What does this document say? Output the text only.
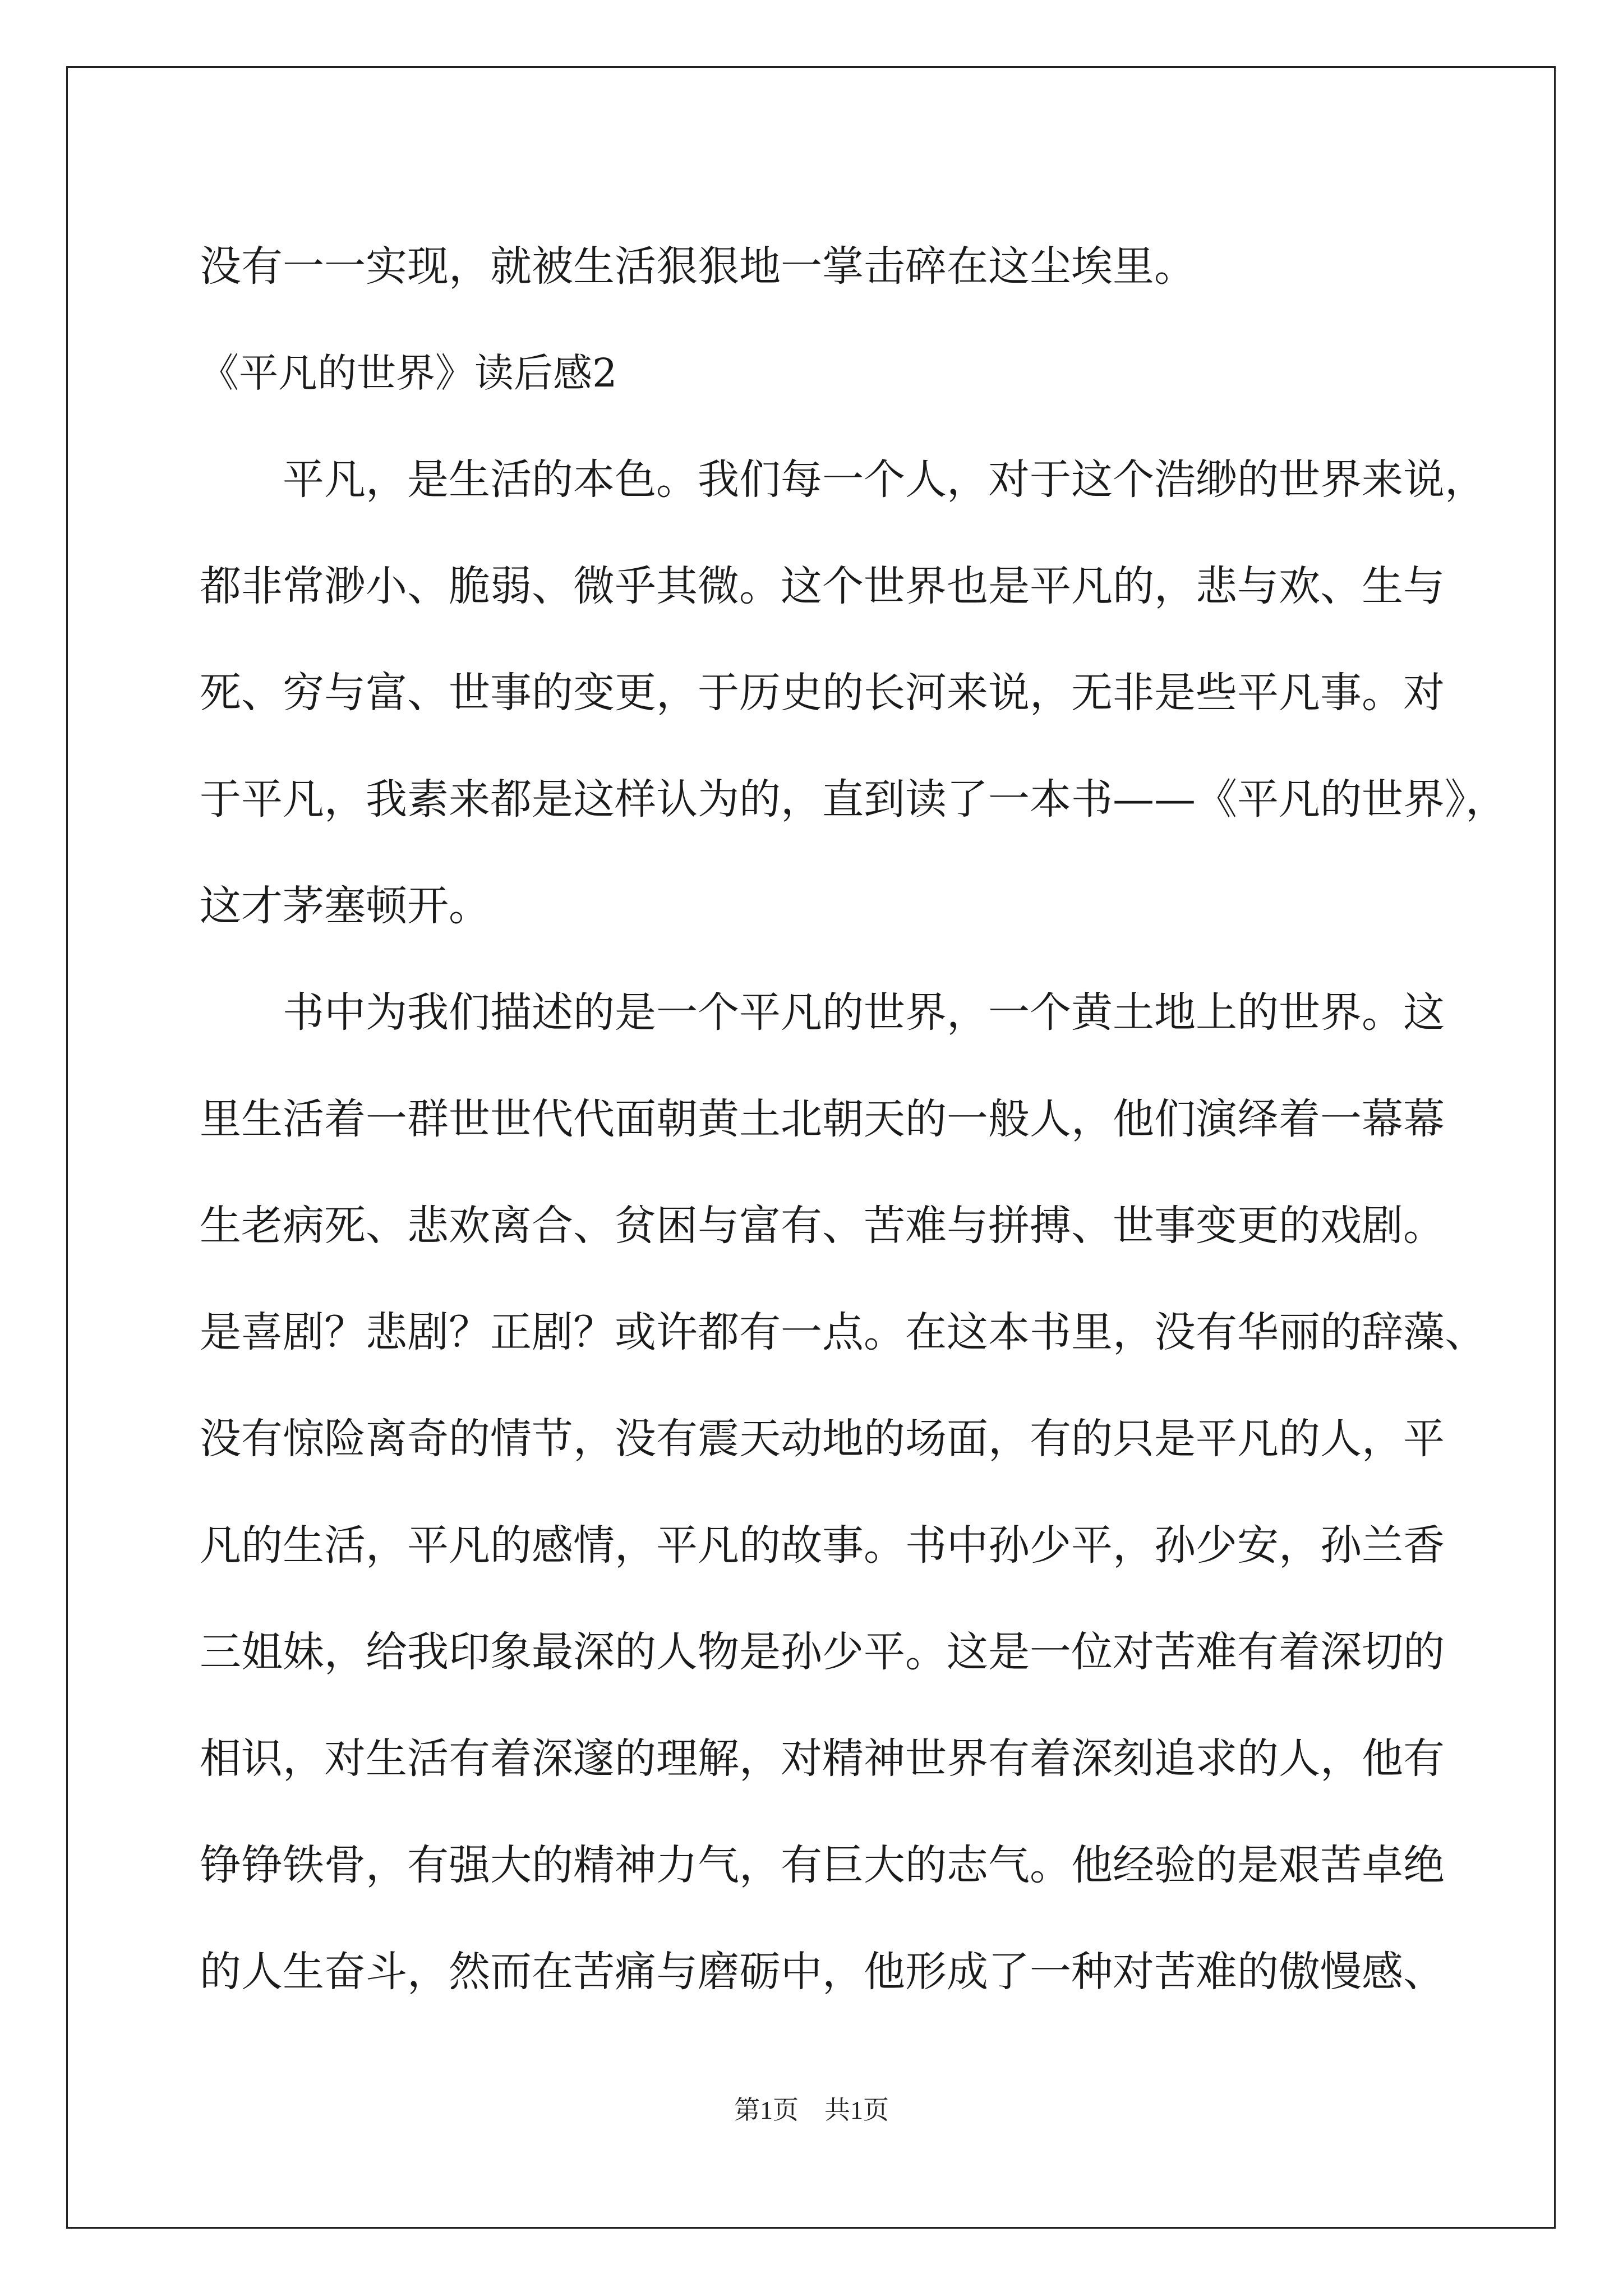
没有一一实现，就被生活狠狠地一掌击碎在这尘埃里。
《平凡的世界》读后感2
平凡，是生活的本色。我们每一个人，对于这个浩缈的世界来说，
都非常渺小、脆弱、微乎其微。这个世界也是平凡的，悲与欢、生与
死、穷与富、世事的变更，于历史的长河来说，无非是些平凡事。对
于平凡，我素来都是这样认为的，直到读了一本书——《平凡的世界》，
这才茅塞顿开。
书中为我们描述的是一个平凡的世界，一个黄土地上的世界。这
里生活着一群世世代代面朝黄土北朝天的一般人，他们演绎着一幕幕
生老病死、悲欢离合、贫困与富有、苦难与拼搏、世事变更的戏剧。
是喜剧？悲剧？正剧？或许都有一点。在这本书里，没有华丽的辞藻、
没有惊险离奇的情节，没有震天动地的场面，有的只是平凡的人，平
凡的生活，平凡的感情，平凡的故事。书中孙少平，孙少安，孙兰香
三姐妹，给我印象最深的人物是孙少平。这是一位对苦难有着深切的
相识，对生活有着深邃的理解，对精神世界有着深刻追求的人，他有
铮铮铁骨，有强大的精神力气，有巨大的志气。他经验的是艰苦卓绝
的人生奋斗，然而在苦痛与磨砺中，他形成了一种对苦难的傲慢感、
第1页　共1页
